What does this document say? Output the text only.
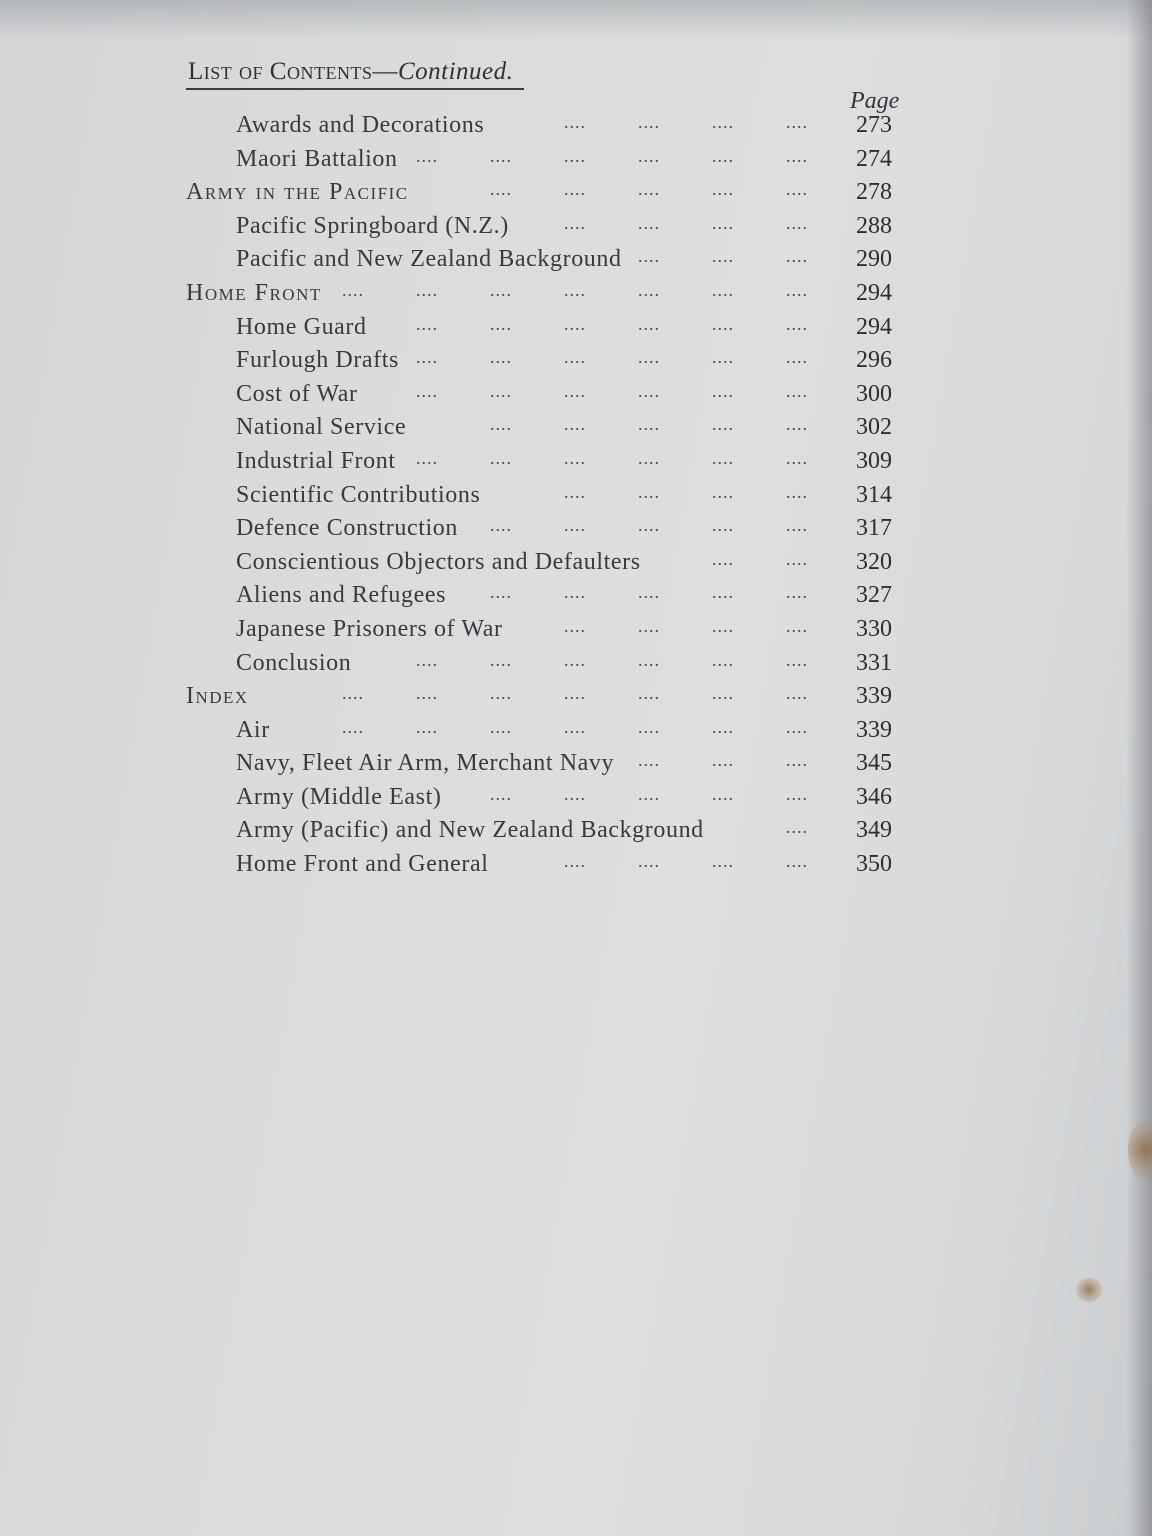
List of Contents—Continued.
Page
Awards and Decorations	273
....	....	....	....
Maori Battalion	274
....	....	....	....	....	....
Army in the Pacific	278
....	....	....	....	....
Pacific Springboard (N.Z.)	288
....	....	....	....
Pacific and New Zealand Background	290
....	....	....
Home Front	294
....	....	....	....	....	....	....
Home Guard	294
....	....	....	....	....	....
Furlough Drafts	296
....	....	....	....	....	....
Cost of War	300
....	....	....	....	....	....
National Service	302
....	....	....	....	....
Industrial Front	309
....	....	....	....	....	....
Scientific Contributions	314
....	....	....	....
Defence Construction	317
....	....	....	....	....
Conscientious Objectors and Defaulters	320
....	....
Aliens and Refugees	327
....	....	....	....	....
Japanese Prisoners of War	330
....	....	....	....
Conclusion	331
....	....	....	....	....	....
Index	339
....	....	....	....	....	....	....
Air	339
....	....	....	....	....	....	....
Navy, Fleet Air Arm, Merchant Navy	345
....	....	....
Army (Middle East)	346
....	....	....	....	....
Army (Pacific) and New Zealand Background	349
....
Home Front and General	350
....	....	....	....
